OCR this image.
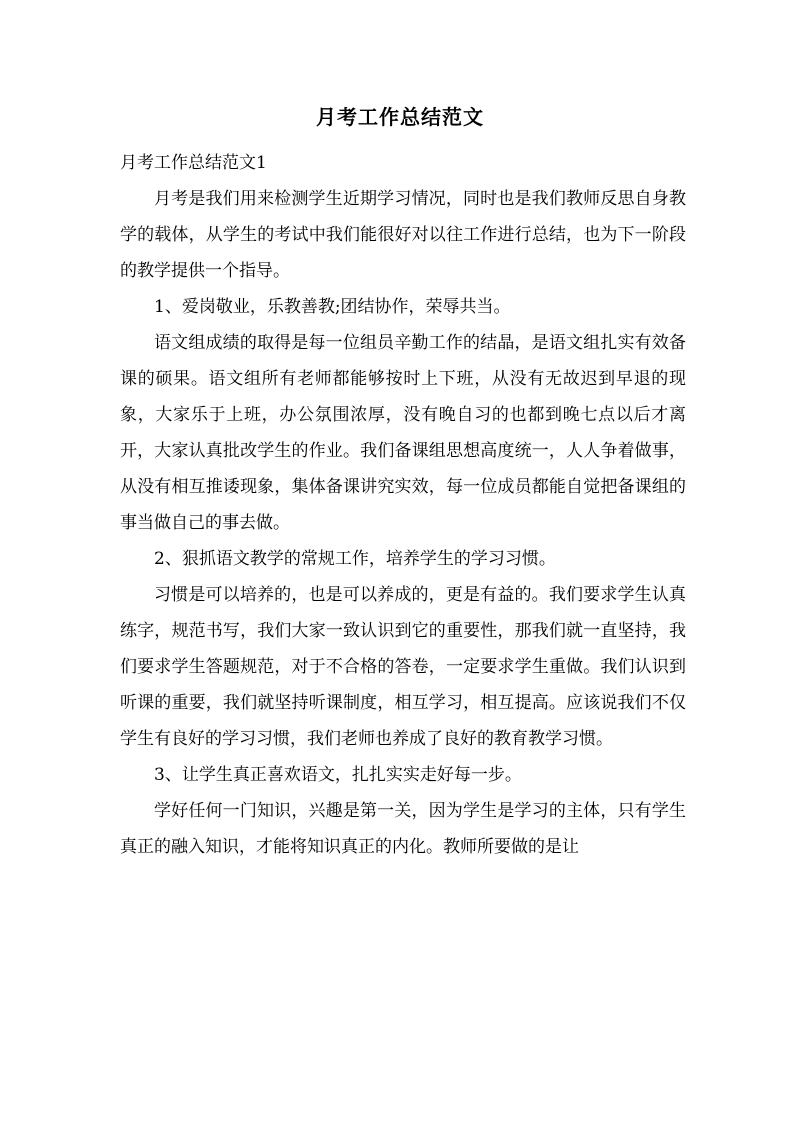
月考工作总结范文

月考工作总结范文1

月考是我们用来检测学生近期学习情况，同时也是我们教师反思自身教学的载体，从学生的考试中我们能很好对以往工作进行总结，也为下一阶段的教学提供一个指导。

1、爱岗敬业，乐教善教;团结协作，荣辱共当。

语文组成绩的取得是每一位组员辛勤工作的结晶，是语文组扎实有效备课的硕果。语文组所有老师都能够按时上下班，从没有无故迟到早退的现象，大家乐于上班，办公氛围浓厚，没有晚自习的也都到晚七点以后才离开，大家认真批改学生的作业。我们备课组思想高度统一，人人争着做事，从没有相互推诿现象，集体备课讲究实效，每一位成员都能自觉把备课组的事当做自己的事去做。

2、狠抓语文教学的常规工作，培养学生的学习习惯。

习惯是可以培养的，也是可以养成的，更是有益的。我们要求学生认真练字，规范书写，我们大家一致认识到它的重要性，那我们就一直坚持，我们要求学生答题规范，对于不合格的答卷，一定要求学生重做。我们认识到听课的重要，我们就坚持听课制度，相互学习，相互提高。应该说我们不仅学生有良好的学习习惯，我们老师也养成了良好的教育教学习惯。

3、让学生真正喜欢语文，扎扎实实走好每一步。

学好任何一门知识，兴趣是第一关，因为学生是学习的主体，只有学生真正的融入知识，才能将知识真正的内化。教师所要做的是让
